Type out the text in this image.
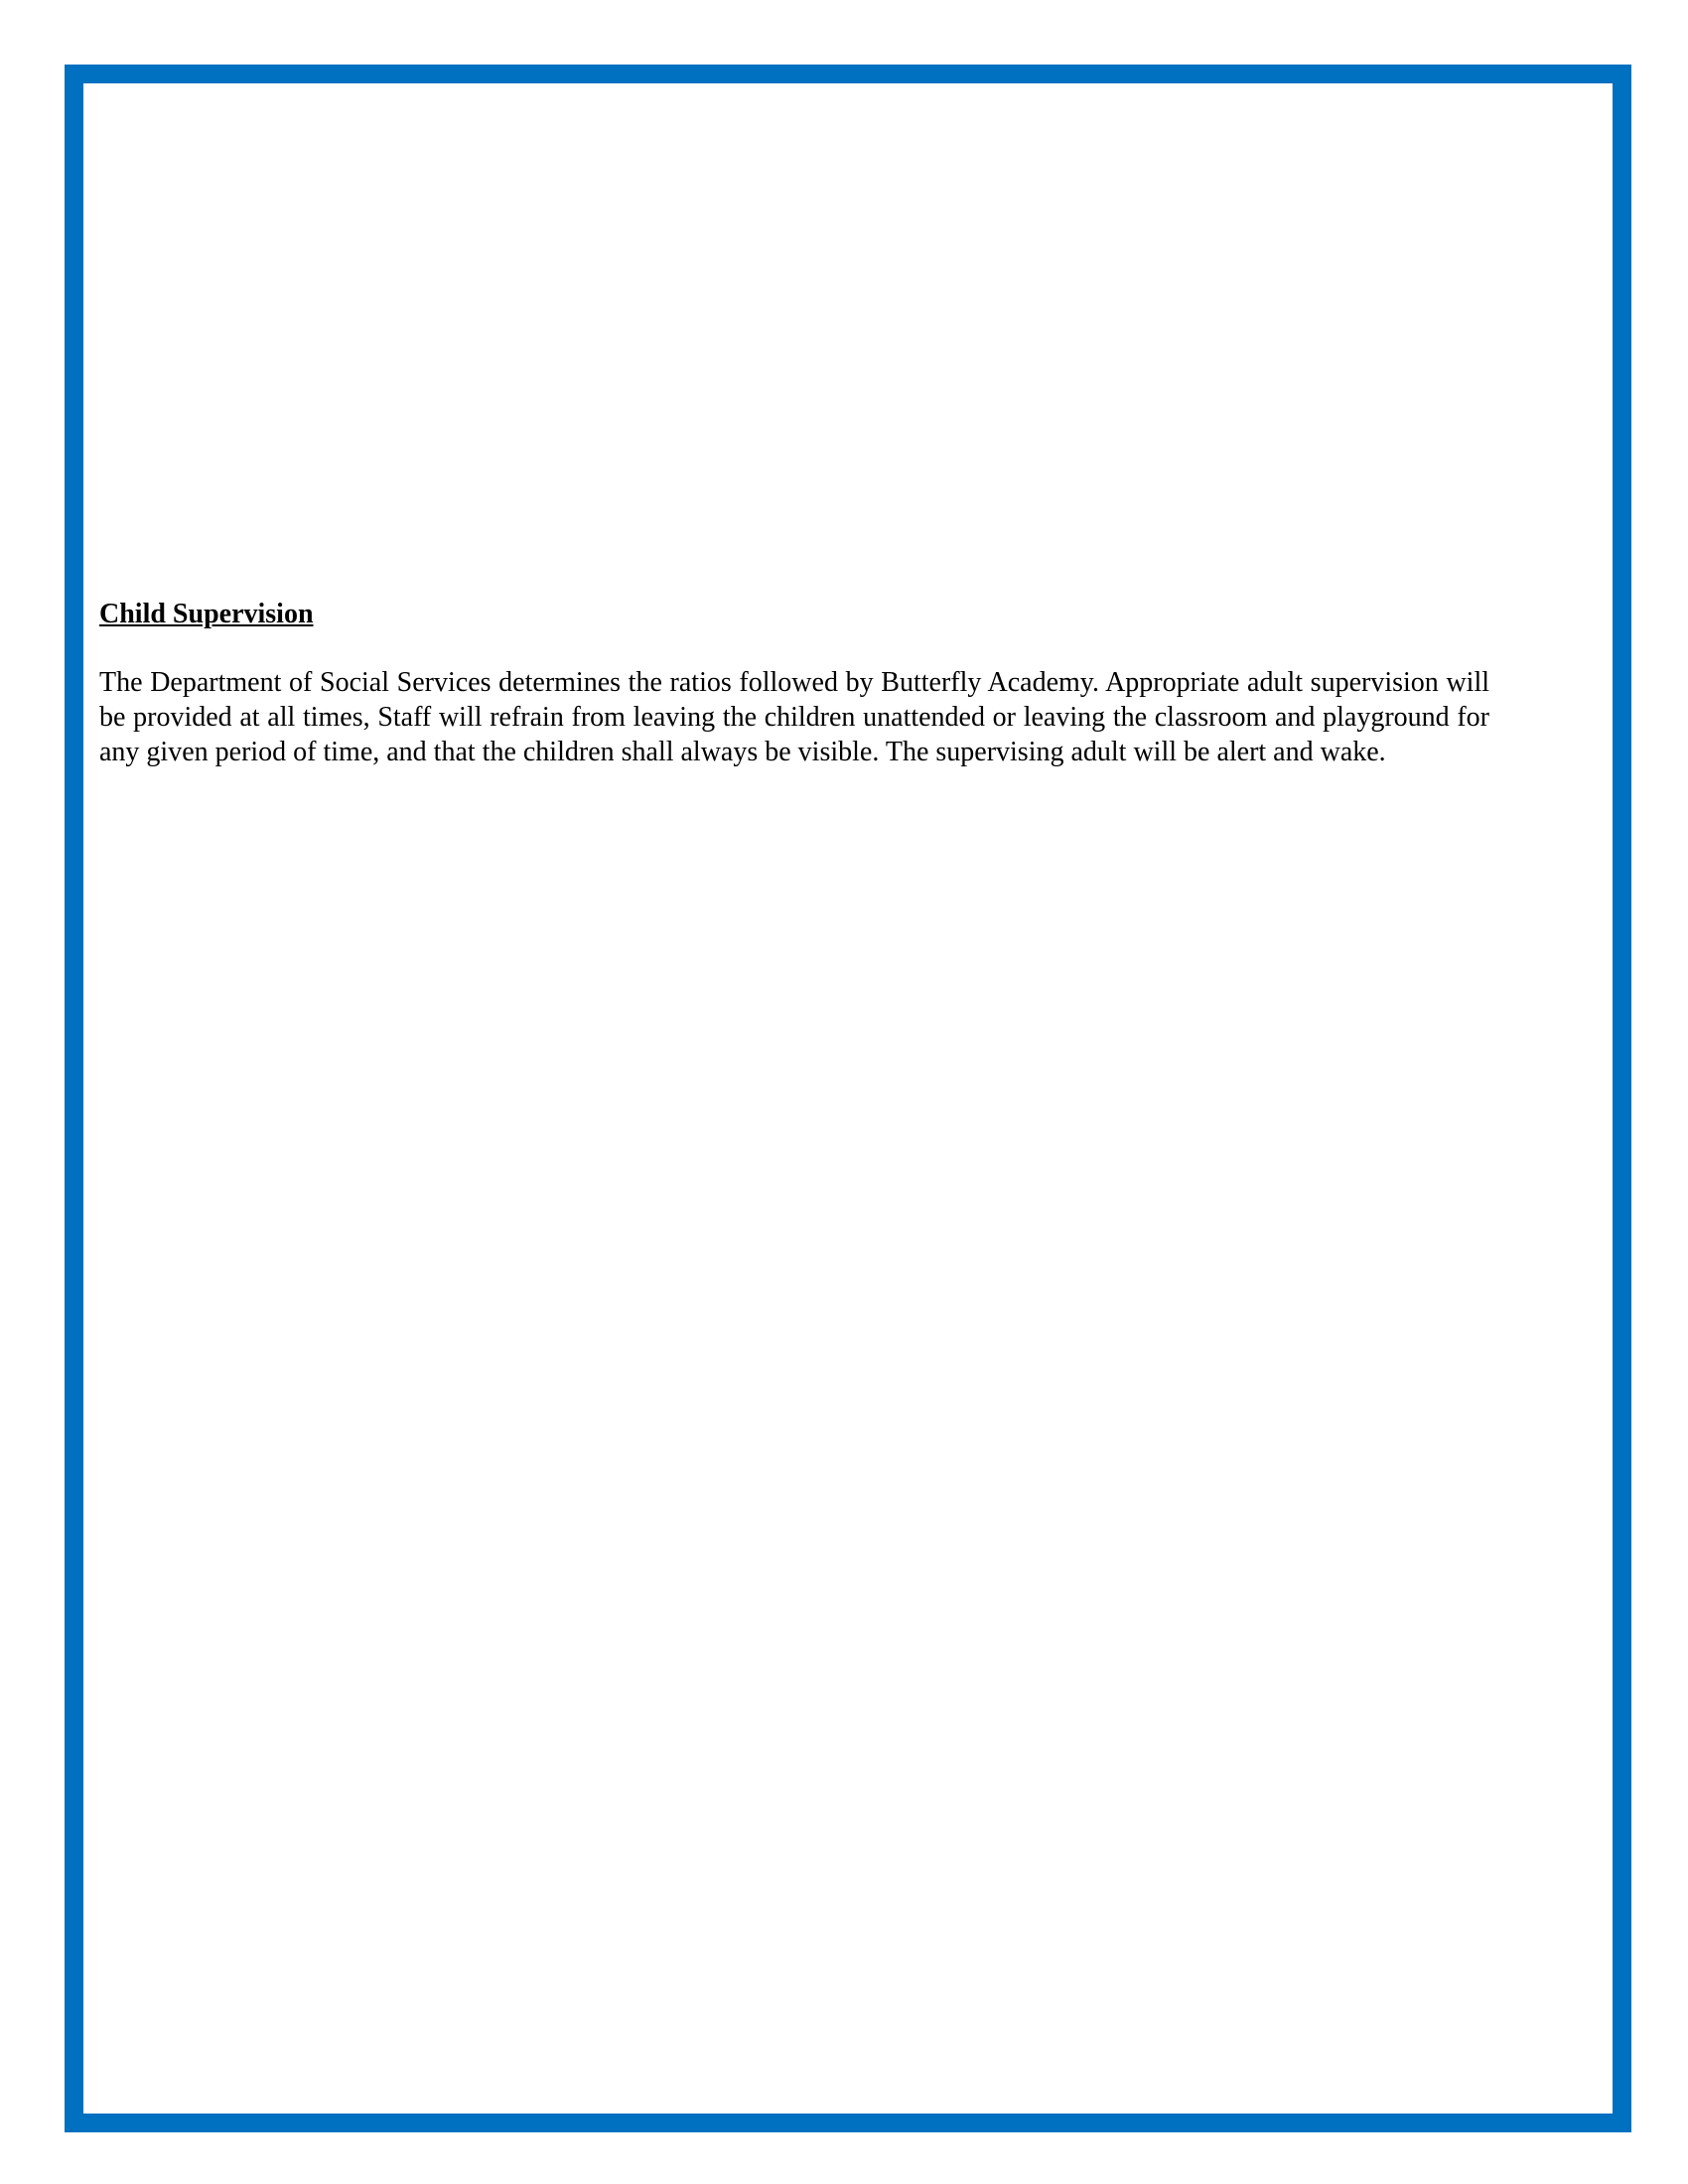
Child Supervision

The Department of Social Services determines the ratios followed by Butterfly Academy. Appropriate adult supervision will be provided at all times, Staff will refrain from leaving the children unattended or leaving the classroom and playground for any given period of time, and that the children shall always be visible. The supervising adult will be alert and wake.
